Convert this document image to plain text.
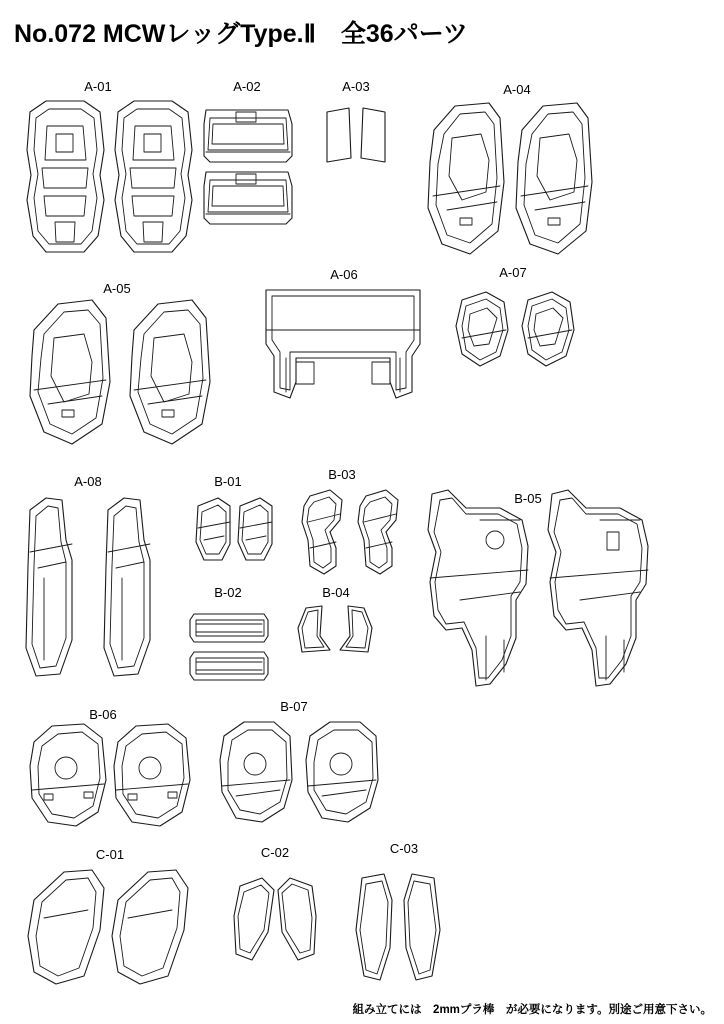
No.072 MCWレッグType.Ⅱ　全36パーツ
A-01	A-02	A-03	A-04
A-05
A-06	A-07
A-08	B-01
B-02
B-03
B-04
B-05
B-06
B-07
C-01	C-02	C-03
組み立てには　2mmプラ棒　が必要になります。別途ご用意下さい。
